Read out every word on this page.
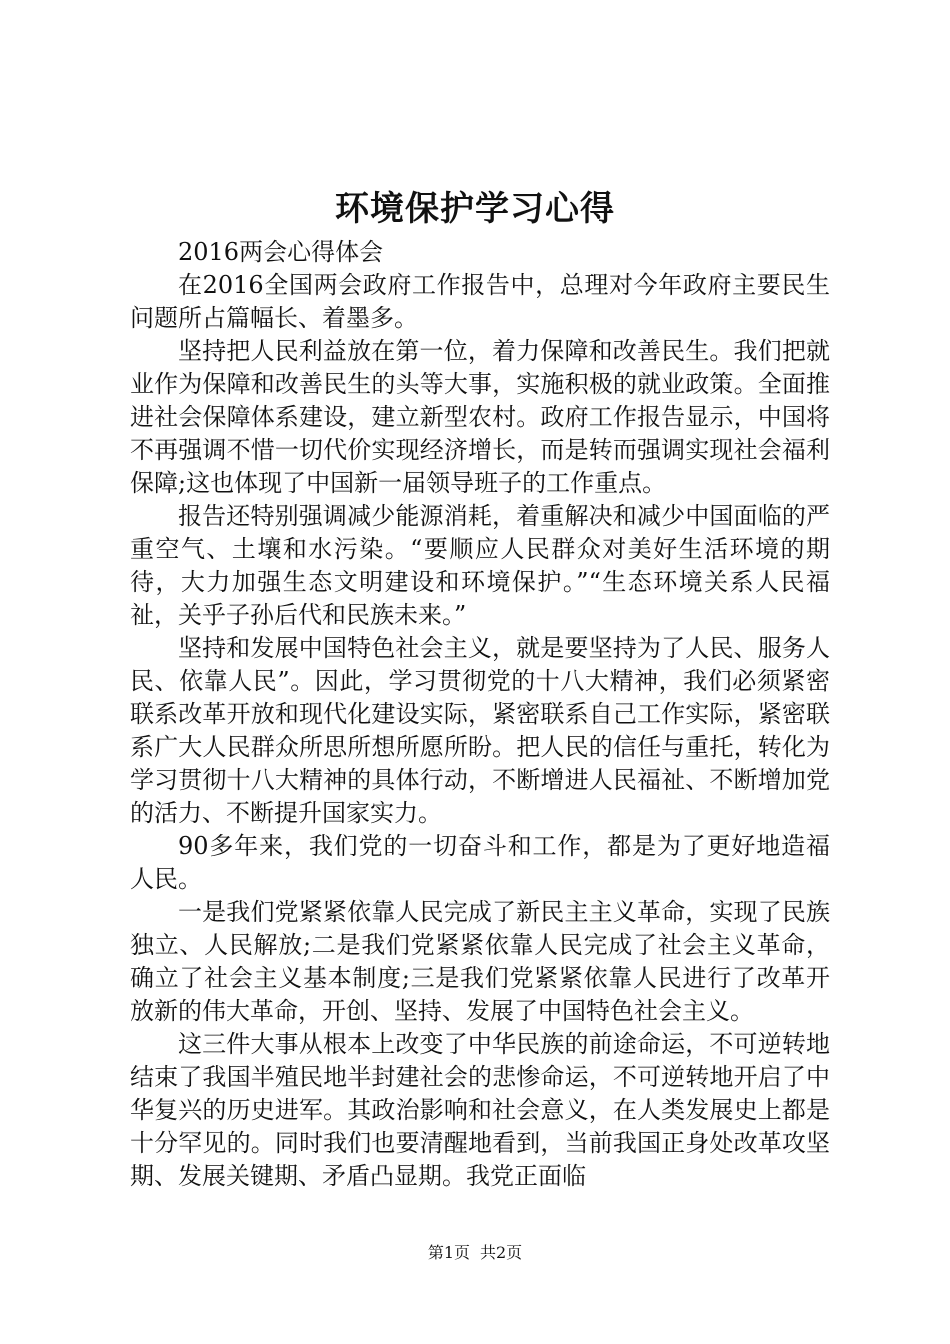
环境保护学习心得

2016两会心得体会

在2016全国两会政府工作报告中，总理对今年政府主要民生问题所占篇幅长、着墨多。

坚持把人民利益放在第一位，着力保障和改善民生。我们把就业作为保障和改善民生的头等大事，实施积极的就业政策。全面推进社会保障体系建设，建立新型农村。政府工作报告显示，中国将不再强调不惜一切代价实现经济增长，而是转而强调实现社会福利保障;这也体现了中国新一届领导班子的工作重点。

报告还特别强调减少能源消耗，着重解决和减少中国面临的严重空气、土壤和水污染。“要顺应人民群众对美好生活环境的期待，大力加强生态文明建设和环境保护。”“生态环境关系人民福祉，关乎子孙后代和民族未来。”

坚持和发展中国特色社会主义，就是要坚持为了人民、服务人民、依靠人民”。因此，学习贯彻党的十八大精神，我们必须紧密联系改革开放和现代化建设实际，紧密联系自己工作实际，紧密联系广大人民群众所思所想所愿所盼。把人民的信任与重托，转化为学习贯彻十八大精神的具体行动，不断增进人民福祉、不断增加党的活力、不断提升国家实力。

90多年来，我们党的一切奋斗和工作，都是为了更好地造福人民。

一是我们党紧紧依靠人民完成了新民主主义革命，实现了民族独立、人民解放;二是我们党紧紧依靠人民完成了社会主义革命，确立了社会主义基本制度;三是我们党紧紧依靠人民进行了改革开放新的伟大革命，开创、坚持、发展了中国特色社会主义。

这三件大事从根本上改变了中华民族的前途命运，不可逆转地结束了我国半殖民地半封建社会的悲惨命运，不可逆转地开启了中华复兴的历史进军。其政治影响和社会意义，在人类发展史上都是十分罕见的。同时我们也要清醒地看到，当前我国正身处改革攻坚期、发展关键期、矛盾凸显期。我党正面临

第1页 共2页
